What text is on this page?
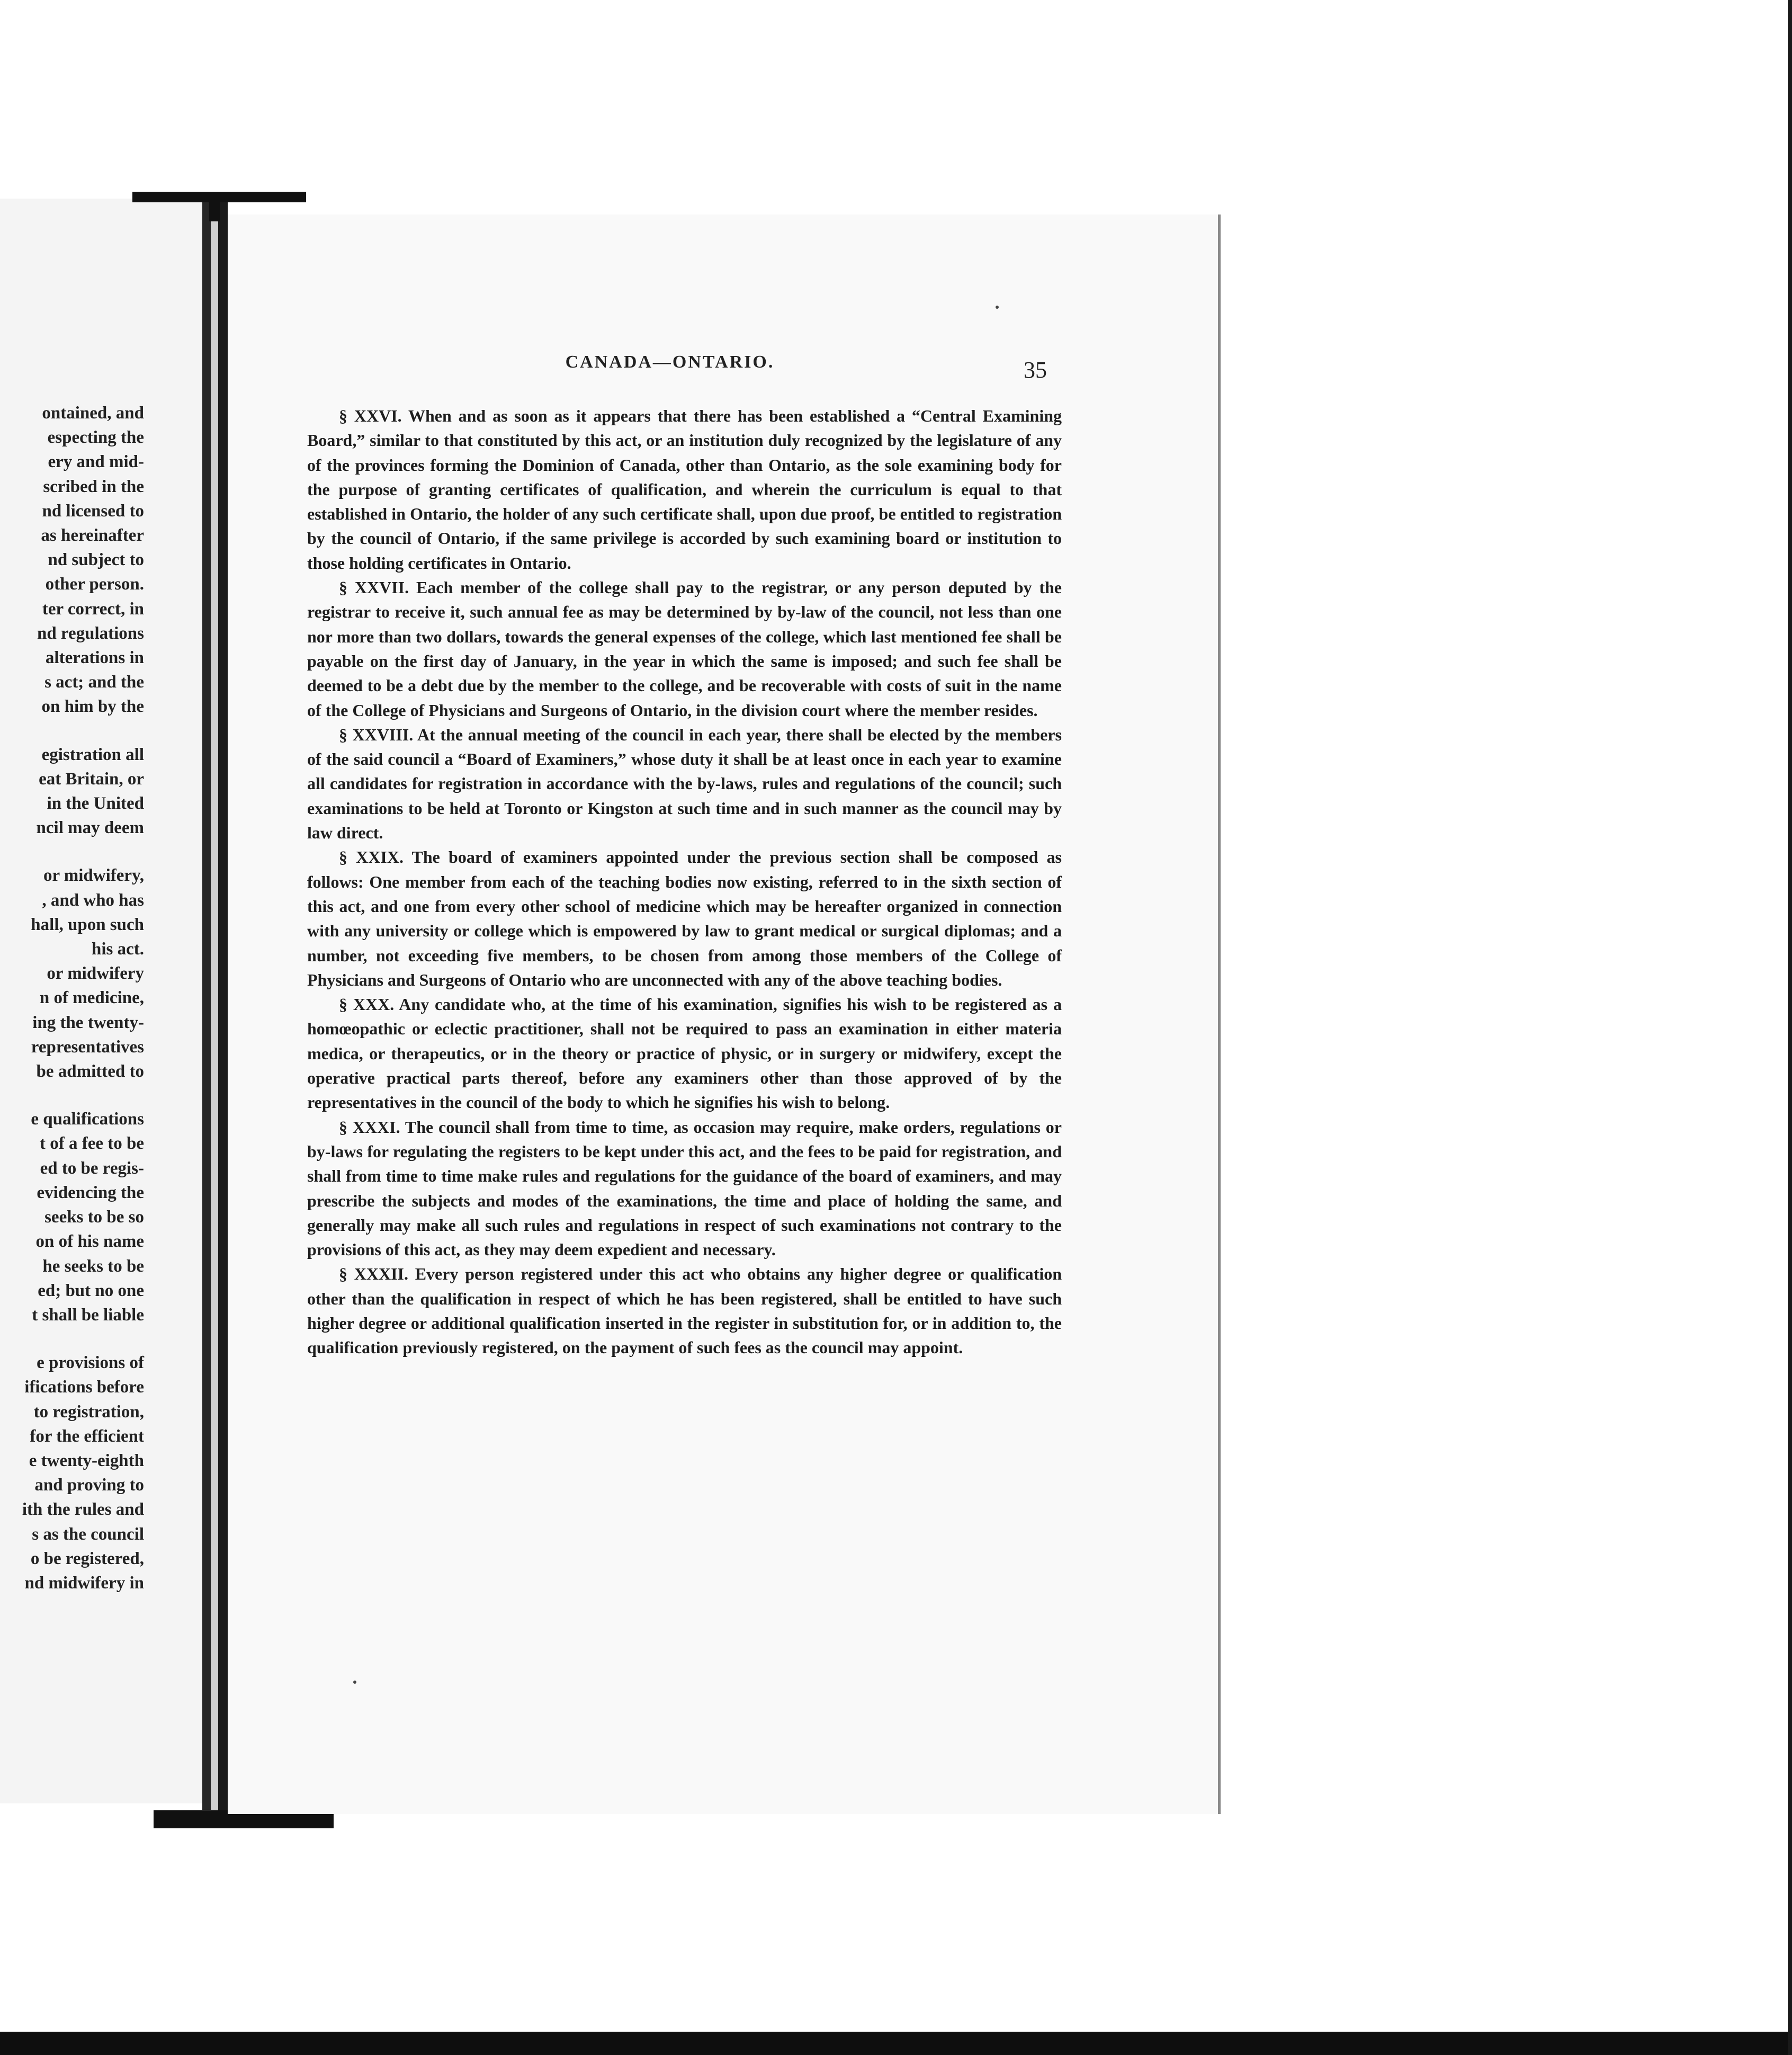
ontained, and
especting the
ery and mid-
scribed in the
nd licensed to
as hereinafter
nd subject to
other person.
ter correct, in
nd regulations
alterations in
s act; and the
on him by the
egistration all
eat Britain, or
in the United
ncil may deem
or midwifery,
, and who has
hall, upon such
his act.
or midwifery
n of medicine,
ing the twenty-
representatives
be admitted to
e qualifications
t of a fee to be
ed to be regis-
evidencing the
seeks to be so
on of his name
he seeks to be
ed; but no one
t shall be liable
e provisions of
ifications before
to registration,
for the efficient
e twenty-eighth
and proving to
ith the rules and
s as the council
o be registered,
nd midwifery in
CANADA—ONTARIO.	35

§ XXVI. When and as soon as it appears that there has been established a “Central Examining Board,” similar to that constituted by this act, or an institution duly recognized by the legislature of any of the provinces forming the Dominion of Canada, other than Ontario, as the sole examining body for the purpose of granting certificates of qualification, and wherein the curriculum is equal to that established in Ontario, the holder of any such certificate shall, upon due proof, be entitled to registration by the council of Ontario, if the same privilege is accorded by such examining board or institution to those holding certificates in Ontario.

§ XXVII. Each member of the college shall pay to the registrar, or any person deputed by the registrar to receive it, such annual fee as may be determined by by-law of the council, not less than one nor more than two dollars, towards the general expenses of the college, which last mentioned fee shall be payable on the first day of January, in the year in which the same is imposed; and such fee shall be deemed to be a debt due by the member to the college, and be recoverable with costs of suit in the name of the College of Physicians and Surgeons of Ontario, in the division court where the member resides.

§ XXVIII. At the annual meeting of the council in each year, there shall be elected by the members of the said council a “Board of Examiners,” whose duty it shall be at least once in each year to examine all candidates for registration in accordance with the by-laws, rules and regulations of the council; such examinations to be held at Toronto or Kingston at such time and in such manner as the council may by law direct.

§ XXIX. The board of examiners appointed under the previous section shall be composed as follows: One member from each of the teaching bodies now existing, referred to in the sixth section of this act, and one from every other school of medicine which may be hereafter organized in connection with any university or college which is empowered by law to grant medical or surgical diplomas; and a number, not exceeding five members, to be chosen from among those members of the College of Physicians and Surgeons of Ontario who are unconnected with any of the above teaching bodies.

§ XXX. Any candidate who, at the time of his examination, signifies his wish to be registered as a homœopathic or eclectic practitioner, shall not be required to pass an examination in either materia medica, or therapeutics, or in the theory or practice of physic, or in surgery or midwifery, except the operative practical parts thereof, before any examiners other than those approved of by the representatives in the council of the body to which he signifies his wish to belong.

§ XXXI. The council shall from time to time, as occasion may require, make orders, regulations or by-laws for regulating the registers to be kept under this act, and the fees to be paid for registration, and shall from time to time make rules and regulations for the guidance of the board of examiners, and may prescribe the subjects and modes of the examinations, the time and place of holding the same, and generally may make all such rules and regulations in respect of such examinations not contrary to the provisions of this act, as they may deem expedient and necessary.

§ XXXII. Every person registered under this act who obtains any higher degree or qualification other than the qualification in respect of which he has been registered, shall be entitled to have such higher degree or additional qualification inserted in the register in substitution for, or in addition to, the qualification previously registered, on the payment of such fees as the council may appoint.
